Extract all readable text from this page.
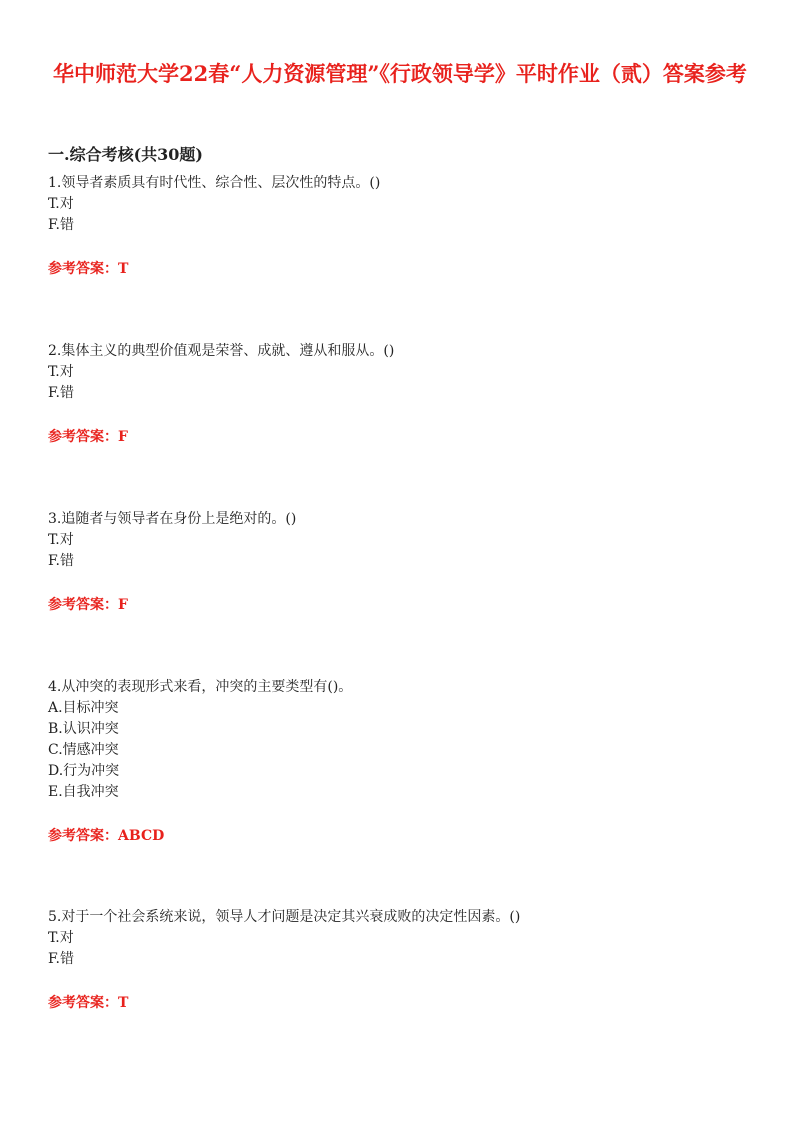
华中师范大学22春“人力资源管理”《行政领导学》平时作业（贰）答案参考
一.综合考核(共30题)

1.领导者素质具有时代性、综合性、层次性的特点。()

T.对

F.错

参考答案：T

2.集体主义的典型价值观是荣誉、成就、遵从和服从。()

T.对

F.错

参考答案：F

3.追随者与领导者在身份上是绝对的。()

T.对

F.错

参考答案：F

4.从冲突的表现形式来看，冲突的主要类型有()。

A.目标冲突

B.认识冲突

C.情感冲突

D.行为冲突

E.自我冲突

参考答案：ABCD

5.对于一个社会系统来说，领导人才问题是决定其兴衰成败的决定性因素。()

T.对

F.错

参考答案：T
